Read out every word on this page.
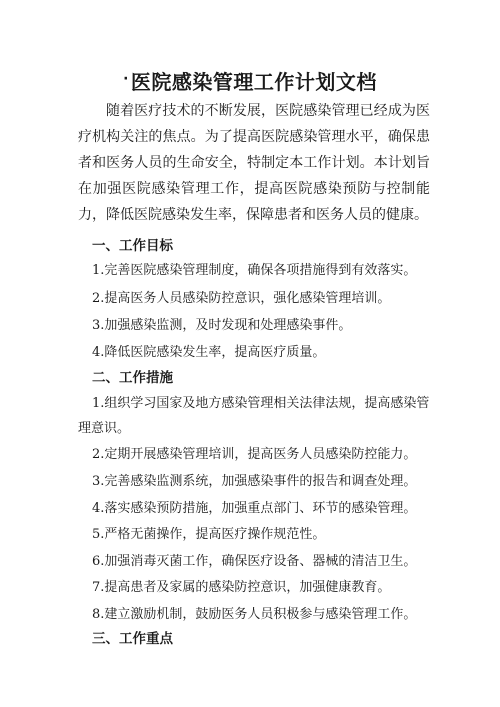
· 医院感染管理工作计划文档

随着医疗技术的不断发展，医院感染管理已经成为医疗机构关注的焦点。为了提高医院感染管理水平，确保患者和医务人员的生命安全，特制定本工作计划。本计划旨在加强医院感染管理工作，提高医院感染预防与控制能力，降低医院感染发生率，保障患者和医务人员的健康。

一、工作目标

1.完善医院感染管理制度，确保各项措施得到有效落实。

2.提高医务人员感染防控意识，强化感染管理培训。

3.加强感染监测，及时发现和处理感染事件。

4.降低医院感染发生率，提高医疗质量。

二、工作措施

1.组织学习国家及地方感染管理相关法律法规，提高感染管理意识。

2.定期开展感染管理培训，提高医务人员感染防控能力。

3.完善感染监测系统，加强感染事件的报告和调查处理。

4.落实感染预防措施，加强重点部门、环节的感染管理。

5.严格无菌操作，提高医疗操作规范性。

6.加强消毒灭菌工作，确保医疗设备、器械的清洁卫生。

7.提高患者及家属的感染防控意识，加强健康教育。

8.建立激励机制，鼓励医务人员积极参与感染管理工作。

三、工作重点
